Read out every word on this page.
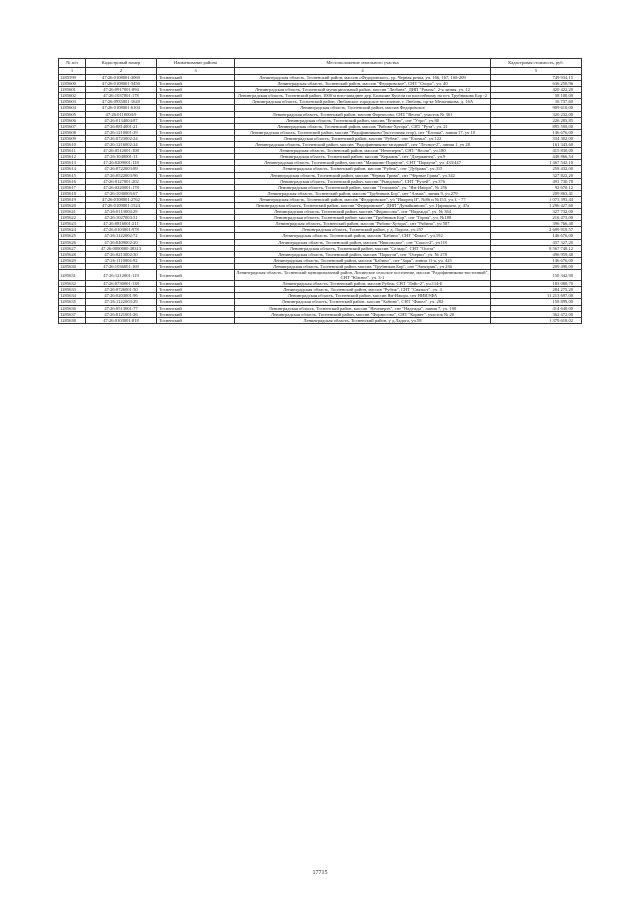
№ п/п	Кадастровый номер	Наименование района	Местоположение земельного участка	Кадастровая стоимость, руб.
1	2	3	4	5
1285599	47:26:0108001:3069	Тосненский	Ленинградская область, Тосненский район, массив «Федоровское», ур. Черная речка, уч. 166, 167, 168-209	749 934,15
1285600	47:26:0108001:3450	Тосненский	Ленинградская область, Тосненский район, массив "Федоровское", СНТ "Огоро", уч. 40	636 250,96
1285601	47:26:0917001:894	Тосненский	Ленинградская область, Тосненский муниципальный район, массив "Любань", ДНП "Рамзы", 2-я линия, уч. 12	420 422,20
1285602	47:26:1037001:178	Тосненский	Ленинградская область, Тосненский район, 1000 м юго-западнее дер. Большие Кусели по шоссейному на пгт. Трубникова Бор -2	58 100,00
1285603	47:26:0935001:1620	Тосненский	Ленинградская область, Тосненский район, Любанское городское поселение, г. Любань, пр-кт Мельникова, д. 16А	16 737,60
1285604	47:26:0108001:6104	Тосненский	Ленинградская область, Тосненский район, массив Федоровское	909 610,00
1285605	47:26:0110004:9	Тосненский	Ленинградская область, Тосненский район, массив Форносово, СНТ "Весна", участок № 361	320 232,00
1285606	47:26:0134004:87	Тосненский	Ленинградская область, Тосненский район, массив "Ёглино", снт "Утро", уч.80	226 283,85
1285607	47:26:0814001:21	Тосненский	Ленинградская область, Тосненский район, массив "Рябово-Хутора", СНТ "Рута", уч. 21	895 590,00
1285608	47:26:1210001:29	Тосненский	Ленинградская область, Тосненский район, массив "Радофинниково"(восточная стор), снт "Ёлочка", линия 17, уч 10	146 676,00
1285609	47:26:0723002:24	Тосненский	Ленинградская область, Тосненский район, массив "Рубеж", снт "Ёлочка", уч.122	334 302,00
1285610	47:26:1216002:24	Тосненский	Ленинградская область, Тосненский район, массив "Радофинниково-западный", снт "Лесное-2", линия 1, уч 28	161 343,60
1285611	47:26:0512001:108	Тосненский	Ленинградская область, Тосненский район, массив "Нечеперть", СНТ "Весна", уч.180	415 830,00
1285612	47:26:1040001:11	Тосненский	Ленинградская область, Тосненский район, массив "Керамик", снт "Дзержинец", уч.9	448 866,54
1285613	47:26:0209001:118	Тосненский	Ленинградская область, Тосненский район, массив "Машкино-Поркузи", СНТ "Поркузи", уч. 433/447	1 467 542,10
1285614	47:26:0722003:89	Тосненский	Ленинградская область, Тосненский район, массив "Рубеж", снт "Дубрава", уч.315	258 432,00
1285615	47:26:0522003:96	Тосненский	Ленинградская область, Тосненский район, массив "Чёрная Грива", снт "Чёрные Грива", уч.342	327 822,20
1285616	47:26:0127001:202	Тосненский	Ленинградская область, Тосненский район, массив "Рындлово", СНТ "Ручей", уч.376	491 730,78
1285617	47:26:0220001:178	Тосненский	Ленинградская область, Тосненский район, массив "Тельмана", уч. "Ям-Ижора", № 256	92 670,12
1285618	47:26:1030003:67	Тосненский	Ленинградская область, Тосненский район, массив "Трубников Бор", снт "Алмаз", линия 9, уч.279	209 863,41
1285619	47:26:0108001:2762	Тосненский	Ленинградская область, Тосненский район, массив "Федоровское", уч "Ижорец II", №86 и №153, уч.1, - 77	1 073 393,44
1285620	47:26:0109001:1524	Тосненский	Ленинградская область, Тосненский район, массив "Федоровское", ДНП "Дунайкиново", ул. Царицына, д. 47а	1 296 427,60
1285621	47:26:0113004:29	Тосненский	Ленинградская область, Тосненский район, массив "Форносово", снт "Надежда", уч. № 364	327 732,00
1285622	47:26:1027003:51	Тосненский	Ленинградская область, Тосненский район, массив "Трубников Бор", снт "Горня", уч. №188	216 473,00
1285623	47:26:0816001:211	Тосненский	Ленинградская область, Тосненский район, массив "Рябово-Хутора", снт "Рябина", уч 587	396 766,40
1285624	47:26:0103001:978	Тосненский	Ленинградская область, Тосненский район, у д. Ладога, уч.257	2 689 919,57
1285625	47:26:1122002:72	Тосненский	Ленинградская область, Тосненский район, массив "Бабино", СНТ "Факел", уч.192	146 676,00
1285626	47:26:0409002:20	Тосненский	Ленинградская область, Тосненский район, массив "Никольское", снт "Сокол-2", уч118	457 327,20
1285627	47:26:0000000:38313	Тосненский	Ленинградская область, Тосненский район, массив "Сельцо", СНТ "Осота"	8 567 748,12
1285628	47:26:0213002:30	Тосненский	Ленинградская область, Тосненский район, массив "Поркузи", снт "Озерки", уч. № 278	496 959,48
1285629	47:26:1110004:92	Тосненский	Ленинградская область, Тосненский район, массив "Бабино", снт "Заря", линия 11-а, уч. 425	146 676,00
1285630	47:26:1036001:169	Тосненский	Ленинградская область, Тосненский район, массив "Трубников Бор", снт "Электрик", уч 236	209 490,00
1285631	47:26:1212001:119	Тосненский	Ленинградская область, Тосненский муниципальный район, Лисинское сельское поселение, массив "Радофинниково-восточный", СНТ "Южное", уч. 3-1	150 342,90
1285632	47:26:0730001:138	Тосненский	Ленинградская область, Тосненский район, массив Рубеж, СНТ "Лайс-2", уч.114-Б	183 080,70
1285633	47:26:0726001:50	Тосненский	Ленинградская область, Тосненский район, массив "Рубеж", СНТ "Связист", уч. 4	284 275,20
1285634	47:26:0203001:96	Тосненский	Ленинградская область, Тосненский район, массив Ям-Ижора, снт НИИЭФА	11 213 697,00
1285635	47:26:1122003:29	Тосненский	Ленинградская область, Тосненский район, массив "Бабино", СНТ "Факел", уч. 282	158 899,00
1285636	47:26:0513001:77	Тосненский	Ленинградская область, Тосненский район, массив "Нечеперть", снт "Надежда", линия 7, уч. 190	414 640,00
1285637	47:26:0121001:26	Тосненский	Ленинградская область, Тосненский район, массив "Форносово", СНТ "Корвет", участок № 20	362 472,00
1285638	47:26:0103001:818	Тосненский	Ленинградская область, Тосненский район, у д.Ладога, уч.58	1 379 618,02
17715
